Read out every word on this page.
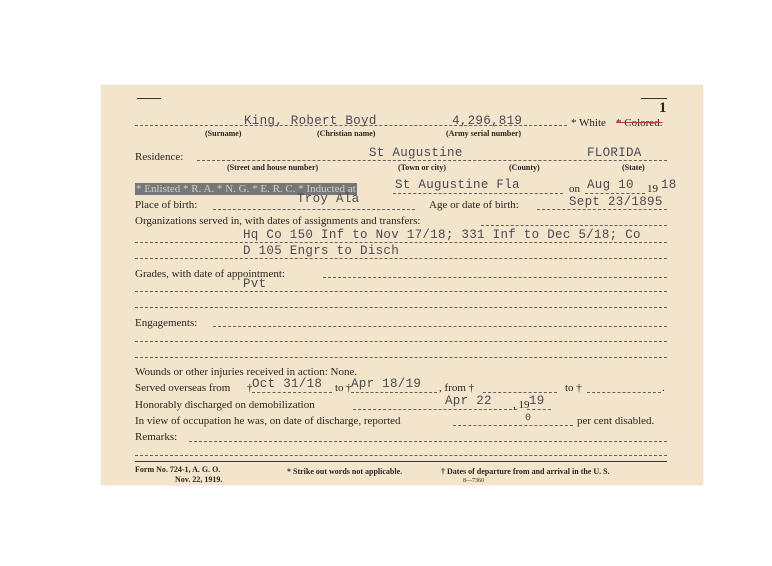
1
King, Robert Boyd	4,296,819	* White * Colored.
(Surname)	(Christian name)	(Army serial number)
Residence:	St Augustine	FLORIDA
(Street and house number)	(Town or city)	(County)	(State)
* Enlisted * R. A. * N. G. * E. R. C. * Inducted at	St Augustine Fla	on Aug 10 19 18
Place of birth:	Troy Ala	Age or date of birth:	Sept 23/1895
Organizations served in, with dates of assignments and transfers:
Hq Co 150 Inf to Nov 17/18; 331 Inf to Dec 5/18; Co
D 105 Engrs to Disch
Grades, with date of appointment:
Pvt
Engagements:
Wounds or other injuries received in action: None.
Served overseas from † Oct 31/18 to † Apr 18/19 , from †	to †	.
Honorably discharged on demobilization	Apr 22 , 19 19
In view of occupation he was, on date of discharge, reported	0	per cent disabled.
Remarks:
Form No. 724-1, A. G. O.
Nov. 22, 1919.
* Strike out words not applicable.	† Dates of departure from and arrival in the U. S.
8—7360
